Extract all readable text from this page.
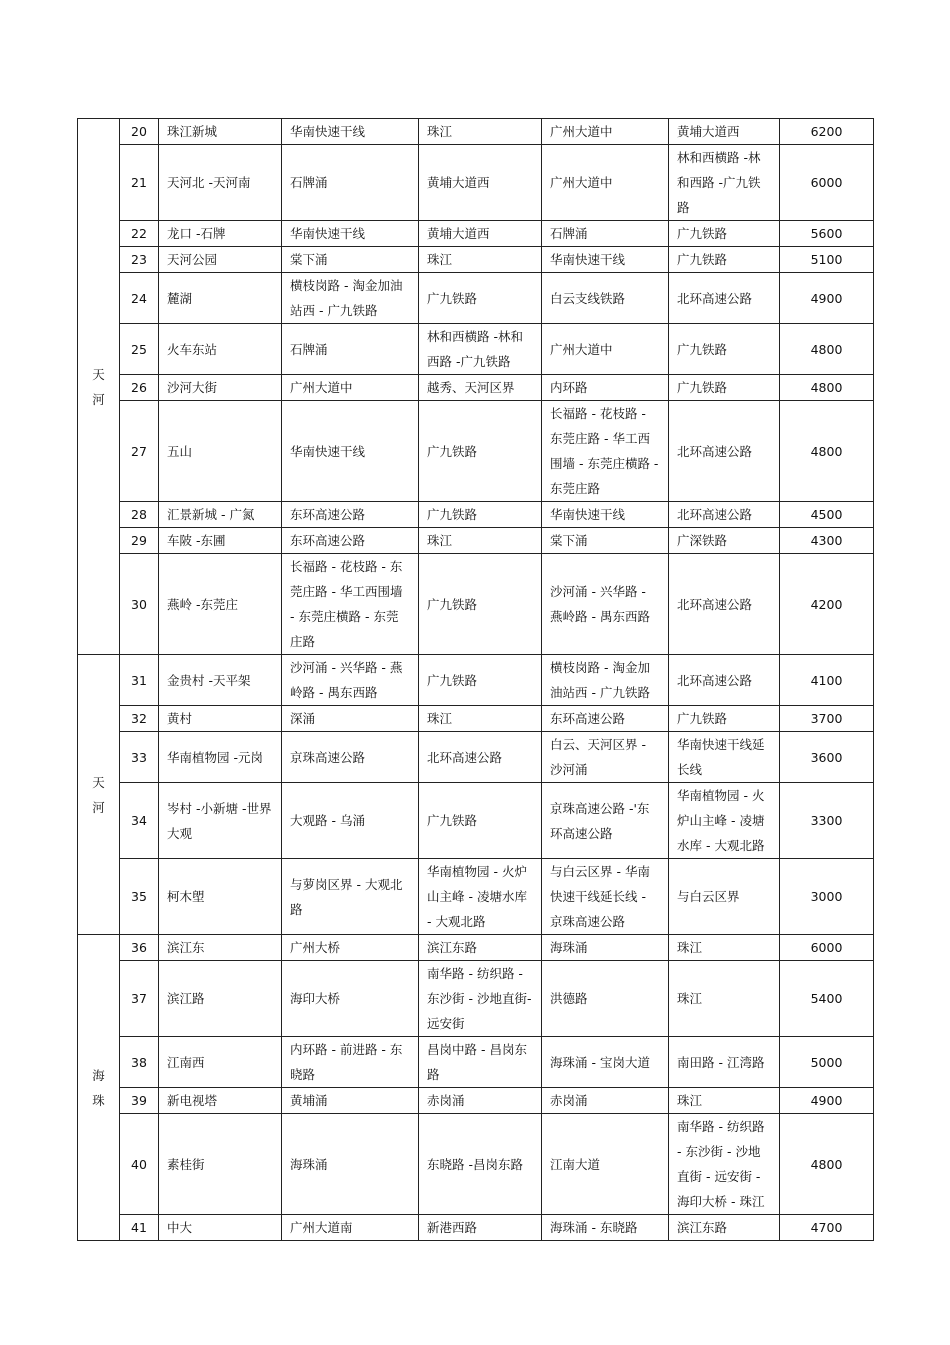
天河	20	珠江新城	华南快速干线	珠江	广州大道中	黄埔大道西	6200
	21	天河北 -天河南	石牌涌	黄埔大道西	广州大道中	林和西横路 -林和西路 -广九铁路	6000
	22	龙口 -石牌	华南快速干线	黄埔大道西	石牌涌	广九铁路	5600
	23	天河公园	棠下涌	珠江	华南快速干线	广九铁路	5100
	24	麓湖	横枝岗路 - 淘金加油站西 - 广九铁路	广九铁路	白云支线铁路	北环高速公路	4900
	25	火车东站	石牌涌	林和西横路 -林和西路 -广九铁路	广州大道中	广九铁路	4800
	26	沙河大街	广州大道中	越秀、天河区界	内环路	广九铁路	4800
	27	五山	华南快速干线	广九铁路	长福路 - 花枝路 - 东莞庄路 - 华工西围墙 - 东莞庄横路 - 东莞庄路	北环高速公路	4800
	28	汇景新城 - 广氮	东环高速公路	广九铁路	华南快速干线	北环高速公路	4500
	29	车陂 -东圃	东环高速公路	珠江	棠下涌	广深铁路	4300
	30	燕岭 -东莞庄	长福路 - 花枝路 - 东莞庄路 - 华工西围墙 - 东莞庄横路 - 东莞庄路	广九铁路	沙河涌 - 兴华路 - 燕岭路 - 禺东西路	北环高速公路	4200

天河	31	金贵村 -天平架	沙河涌 - 兴华路 - 燕岭路 - 禺东西路	广九铁路	横枝岗路 - 淘金加油站西 - 广九铁路	北环高速公路	4100
	32	黄村	深涌	珠江	东环高速公路	广九铁路	3700
	33	华南植物园 -元岗	京珠高速公路	北环高速公路	白云、天河区界 - 沙河涌	华南快速干线延长线	3600
	34	岑村 -小新塘 -世界大观	大观路 - 乌涌	广九铁路	京珠高速公路 -'东环高速公路	华南植物园 - 火炉山主峰 - 凌塘水库 - 大观北路	3300
	35	柯木塱	与萝岗区界 - 大观北路	华南植物园 - 火炉山主峰 - 凌塘水库 - 大观北路	与白云区界 - 华南快速干线延长线 - 京珠高速公路	与白云区界	3000

海珠	36	滨江东	广州大桥	滨江东路	海珠涌	珠江	6000
	37	滨江路	海印大桥	南华路 - 纺织路 - 东沙街 - 沙地直街- 远安街	洪德路	珠江	5400
	38	江南西	内环路 - 前进路 - 东晓路	昌岗中路 - 昌岗东路	海珠涌 - 宝岗大道	南田路 - 江湾路	5000
	39	新电视塔	黄埔涌	赤岗涌	赤岗涌	珠江	4900
	40	素桂街	海珠涌	东晓路 -昌岗东路	江南大道	南华路 - 纺织路 - 东沙街 - 沙地直街 - 远安街 - 海印大桥 - 珠江	4800
	41	中大	广州大道南	新港西路	海珠涌 - 东晓路	滨江东路	4700
